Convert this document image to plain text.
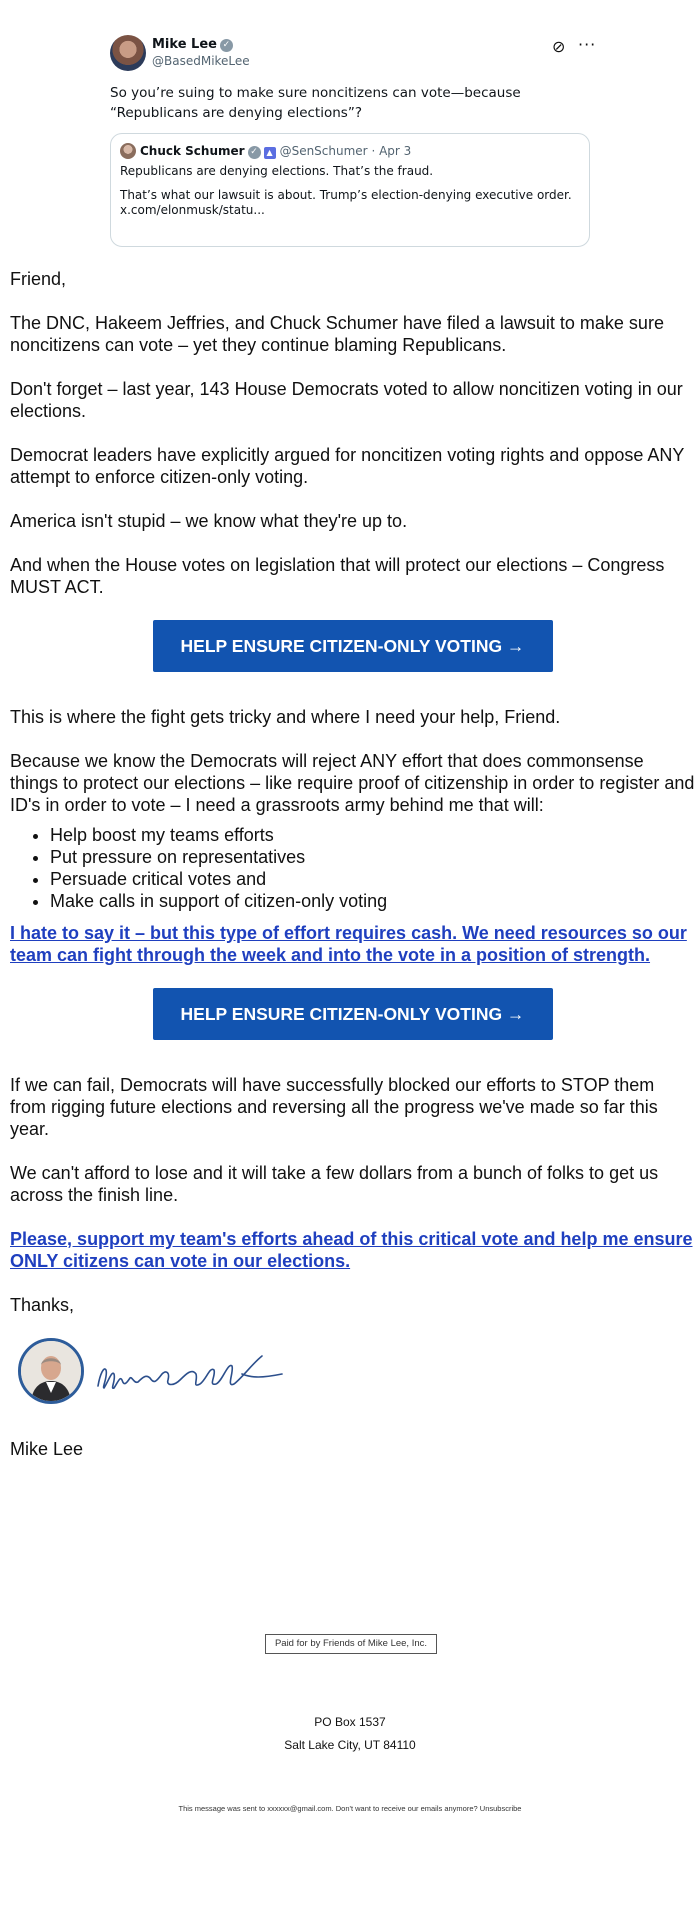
Mike Lee ✓
@BasedMikeLee
⊘ ···
So you’re suing to make sure noncitizens can vote—because “Republicans are denying elections”?
Chuck Schumer ✓ ▲ @SenSchumer · Apr 3

Republicans are denying elections. That’s the fraud.

That’s what our lawsuit is about. Trump’s election-denying executive order.

x.com/elonmusk/statu...

Friend,

The DNC, Hakeem Jeffries, and Chuck Schumer have filed a lawsuit to make sure noncitizens can vote – yet they continue blaming Republicans.

Don't forget – last year, 143 House Democrats voted to allow noncitizen voting in our elections.

Democrat leaders have explicitly argued for noncitizen voting rights and oppose ANY attempt to enforce citizen-only voting.

America isn't stupid – we know what they're up to.

And when the House votes on legislation that will protect our elections – Congress MUST ACT.

HELP ENSURE CITIZEN-ONLY VOTING →

This is where the fight gets tricky and where I need your help, Friend.

Because we know the Democrats will reject ANY effort that does commonsense things to protect our elections – like require proof of citizenship in order to register and ID's in order to vote – I need a grassroots army behind me that will:

• Help boost my teams efforts
• Put pressure on representatives
• Persuade critical votes and
• Make calls in support of citizen-only voting

I hate to say it – but this type of effort requires cash. We need resources so our team can fight through the week and into the vote in a position of strength.

HELP ENSURE CITIZEN-ONLY VOTING →

If we can fail, Democrats will have successfully blocked our efforts to STOP them from rigging future elections and reversing all the progress we've made so far this year.

We can't afford to lose and it will take a few dollars from a bunch of folks to get us across the finish line.

Please, support my team's efforts ahead of this critical vote and help me ensure ONLY citizens can vote in our elections.

Thanks,

Mike Lee

Paid for by Friends of Mike Lee, Inc.
PO Box 1537
Salt Lake City, UT 84110
This message was sent to xxxxxx@gmail.com. Don't want to receive our emails anymore? Unsubscribe
